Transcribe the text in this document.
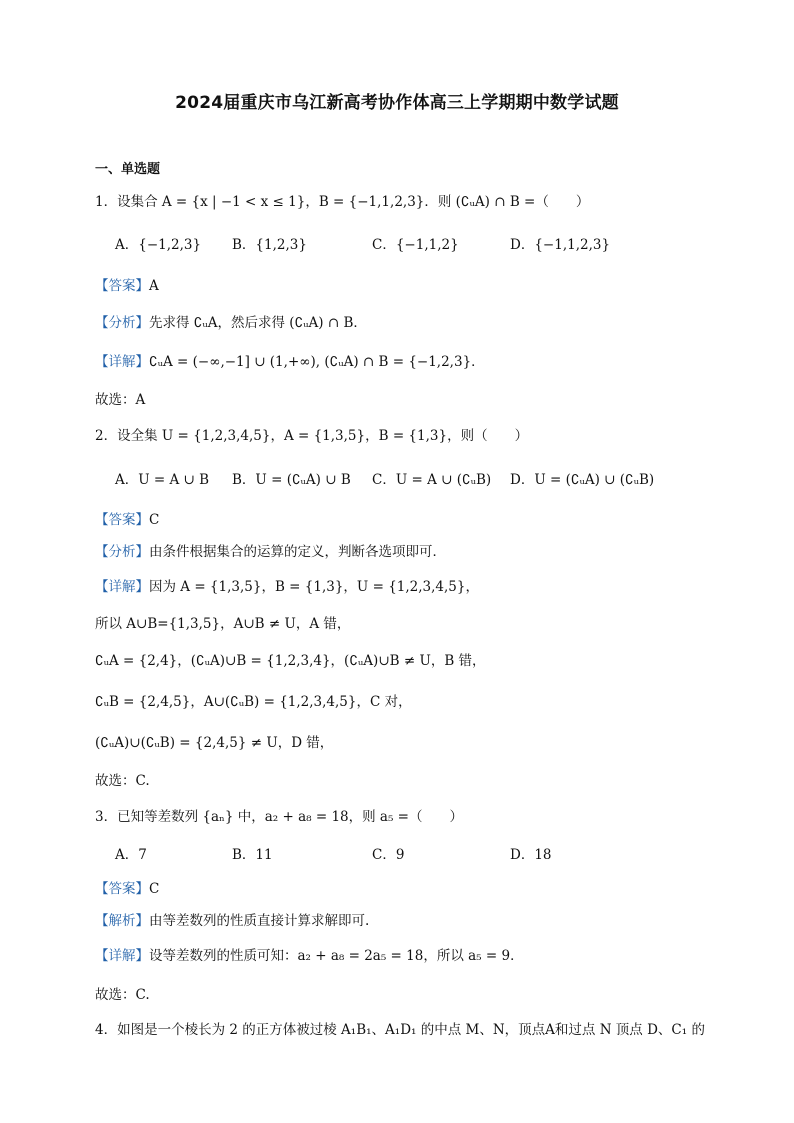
2024届重庆市乌江新高考协作体高三上学期期中数学试题
一、单选题
1．设集合 A = {x | −1 < x ≤ 1}，B = {−1,1,2,3}．则 (∁ᵤA) ∩ B =（　　）
A．{−1,2,3} B．{1,2,3}	C．{−1,1,2}	D．{−1,1,2,3}
【答案】A
【分析】先求得 ∁ᵤA，然后求得 (∁ᵤA) ∩ B．
【详解】∁ᵤA = (−∞,−1] ∪ (1,+∞), (∁ᵤA) ∩ B = {−1,2,3}．
故选：A
2．设全集 U = {1,2,3,4,5}，A = {1,3,5}，B = {1,3}，则（　　）
A．U = A ∪ B B．U = (∁ᵤA) ∪ B C．U = A ∪ (∁ᵤB) D．U = (∁ᵤA) ∪ (∁ᵤB)
【答案】C
【分析】由条件根据集合的运算的定义，判断各选项即可．
【详解】因为 A = {1,3,5}，B = {1,3}，U = {1,2,3,4,5}，
所以 A∪B={1,3,5}，A∪B ≠ U，A 错，
∁ᵤA = {2,4}，(∁ᵤA)∪B = {1,2,3,4}，(∁ᵤA)∪B ≠ U，B 错，
∁ᵤB = {2,4,5}，A∪(∁ᵤB) = {1,2,3,4,5}，C 对，
(∁ᵤA)∪(∁ᵤB) = {2,4,5} ≠ U，D 错，
故选：C.
3．已知等差数列 {aₙ} 中，a₂ + a₈ = 18，则 a₅ =（　　）
A．7	B．11	C．9	D．18
【答案】C
【解析】由等差数列的性质直接计算求解即可.
【详解】设等差数列的性质可知：a₂ + a₈ = 2a₅ = 18，所以 a₅ = 9．
故选：C.
4．如图是一个棱长为 2 的正方体被过棱 A₁B₁、A₁D₁ 的中点 M、N，顶点A和过点 N 顶点 D、C₁ 的
